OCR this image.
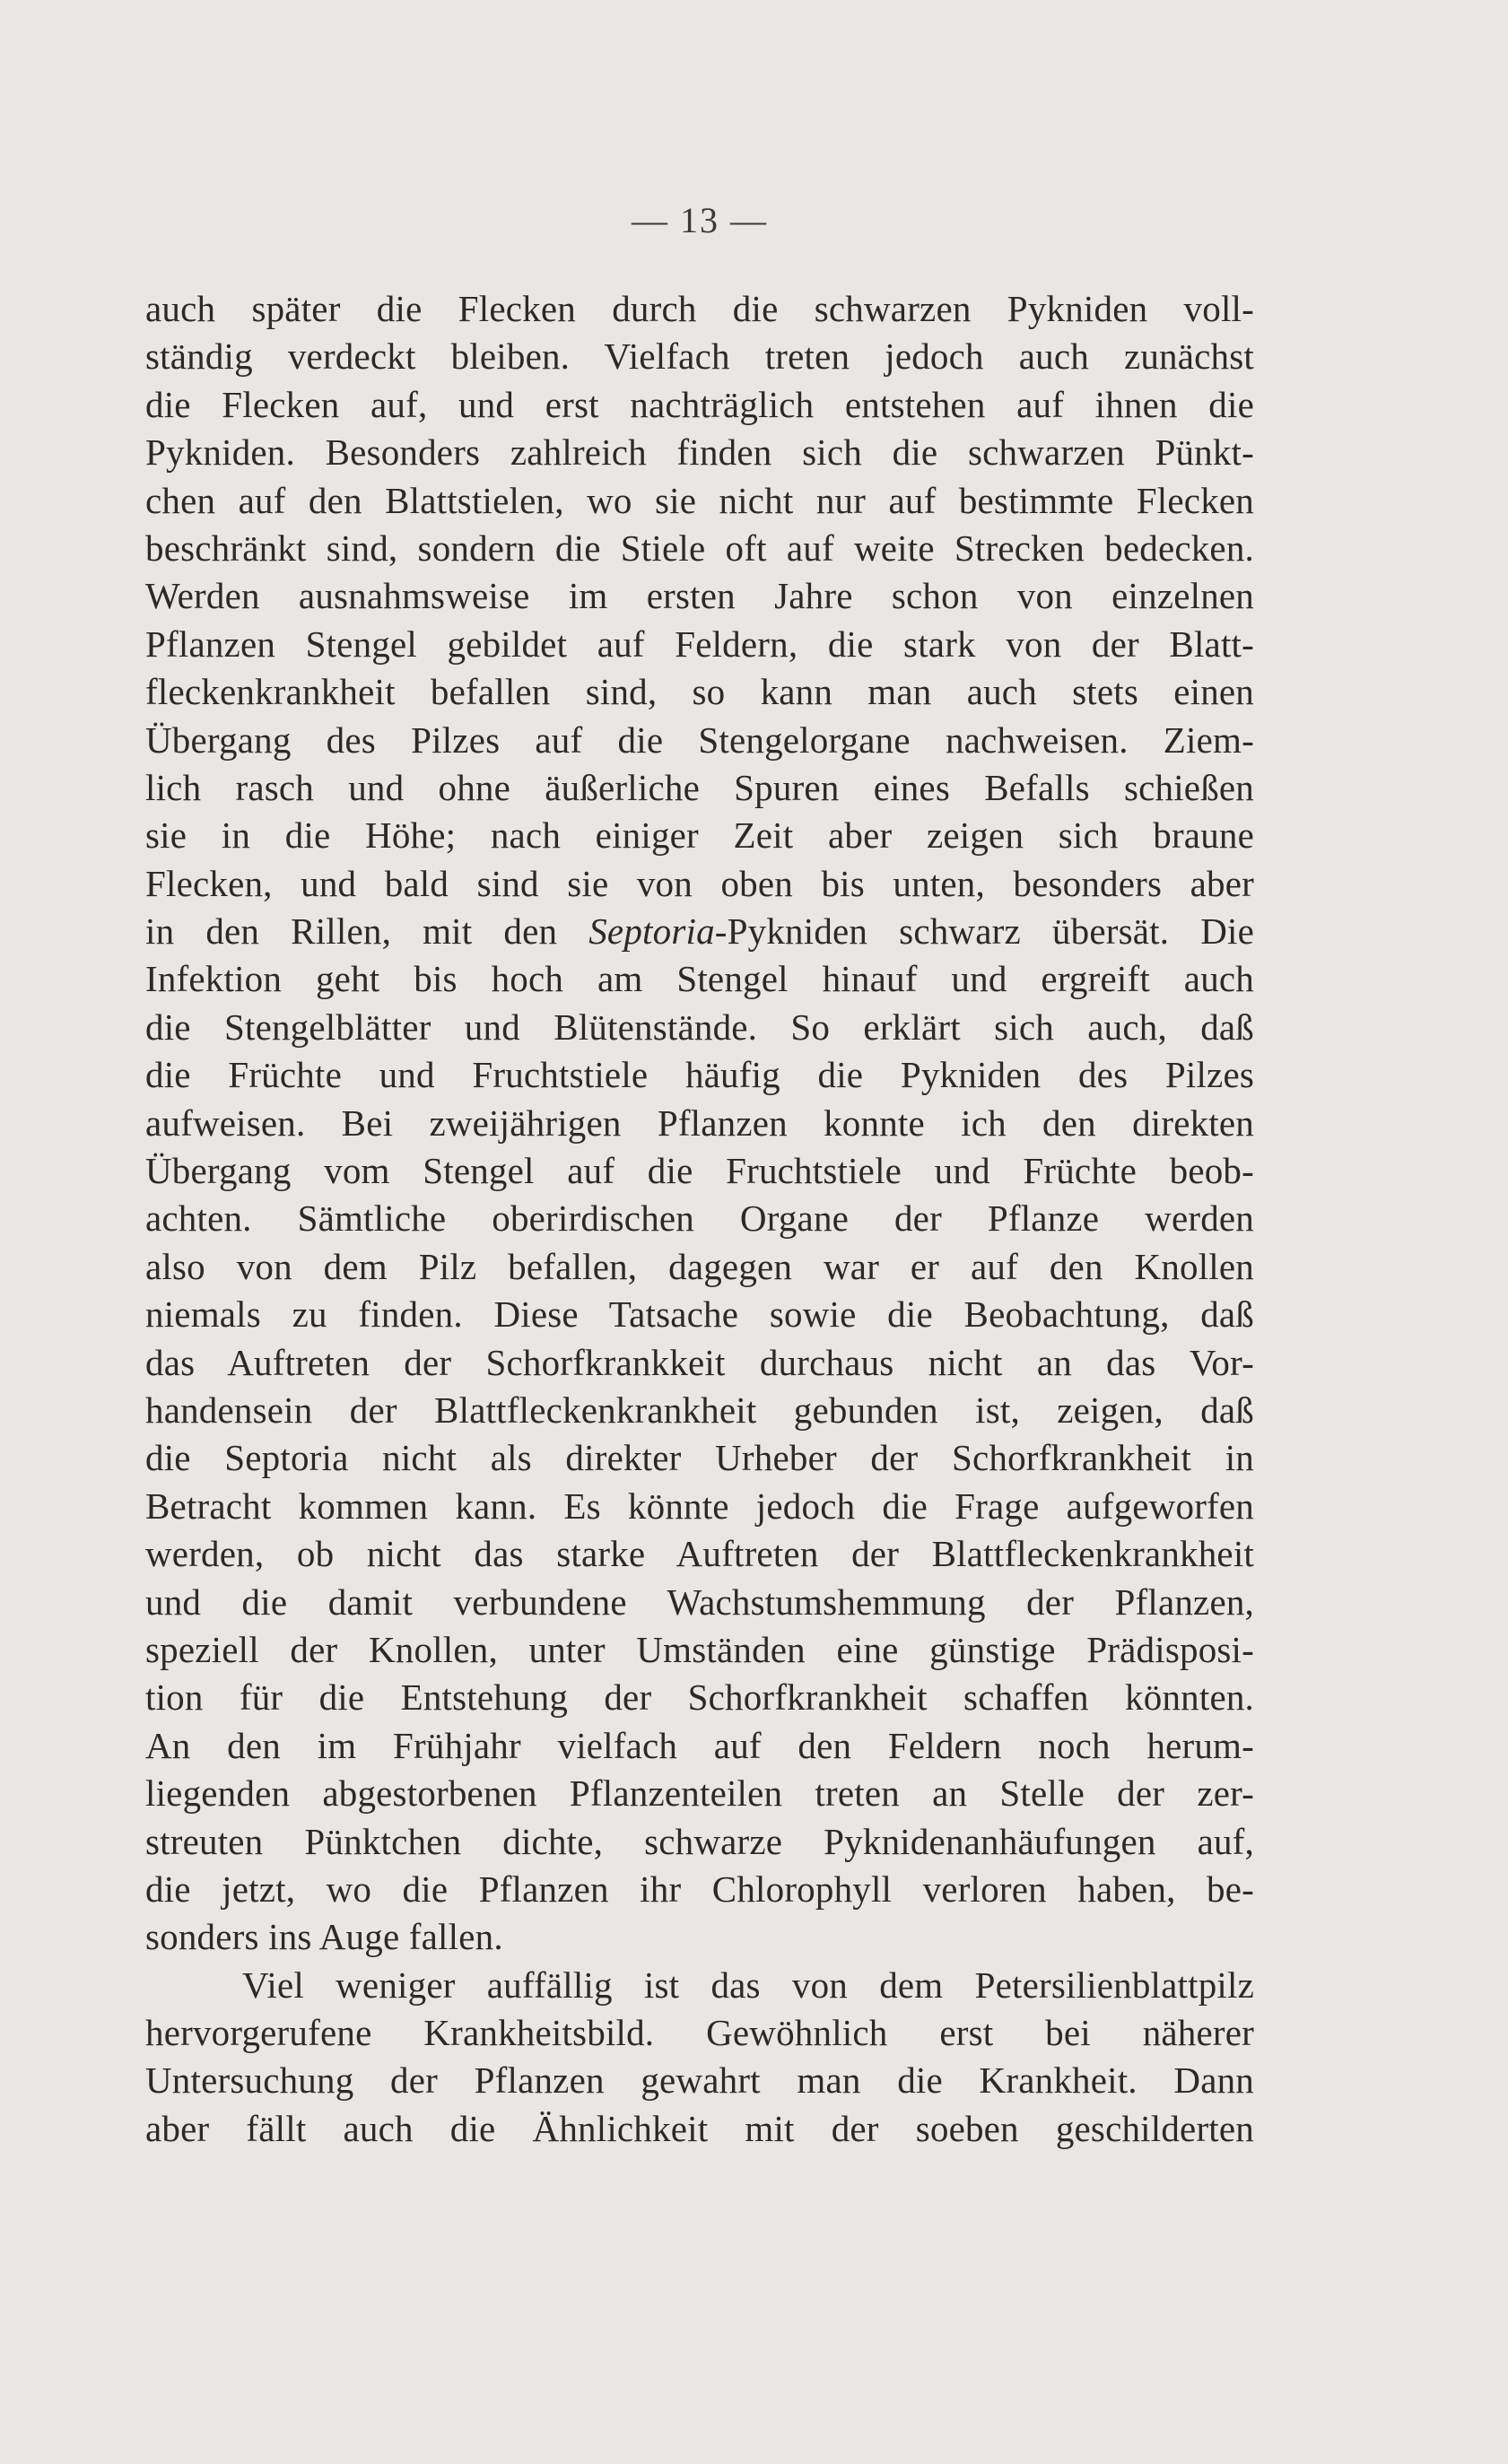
— 13 —
auch später die Flecken durch die schwarzen Pykniden voll-
ständig verdeckt bleiben. Vielfach treten jedoch auch zunächst
die Flecken auf, und erst nachträglich entstehen auf ihnen die
Pykniden. Besonders zahlreich finden sich die schwarzen Pünkt-
chen auf den Blattstielen, wo sie nicht nur auf bestimmte Flecken
beschränkt sind, sondern die Stiele oft auf weite Strecken bedecken.
Werden ausnahmsweise im ersten Jahre schon von einzelnen
Pflanzen Stengel gebildet auf Feldern, die stark von der Blatt-
fleckenkrankheit befallen sind, so kann man auch stets einen
Übergang des Pilzes auf die Stengelorgane nachweisen. Ziem-
lich rasch und ohne äußerliche Spuren eines Befalls schießen
sie in die Höhe; nach einiger Zeit aber zeigen sich braune
Flecken, und bald sind sie von oben bis unten, besonders aber
in den Rillen, mit den Septoria-Pykniden schwarz übersät. Die
Infektion geht bis hoch am Stengel hinauf und ergreift auch
die Stengelblätter und Blütenstände. So erklärt sich auch, daß
die Früchte und Fruchtstiele häufig die Pykniden des Pilzes
aufweisen. Bei zweijährigen Pflanzen konnte ich den direkten
Übergang vom Stengel auf die Fruchtstiele und Früchte beob-
achten. Sämtliche oberirdischen Organe der Pflanze werden
also von dem Pilz befallen, dagegen war er auf den Knollen
niemals zu finden. Diese Tatsache sowie die Beobachtung, daß
das Auftreten der Schorfkrankkeit durchaus nicht an das Vor-
handensein der Blattfleckenkrankheit gebunden ist, zeigen, daß
die Septoria nicht als direkter Urheber der Schorfkrankheit in
Betracht kommen kann. Es könnte jedoch die Frage aufgeworfen
werden, ob nicht das starke Auftreten der Blattfleckenkrankheit
und die damit verbundene Wachstumshemmung der Pflanzen,
speziell der Knollen, unter Umständen eine günstige Prädisposi-
tion für die Entstehung der Schorfkrankheit schaffen könnten.
An den im Frühjahr vielfach auf den Feldern noch herum-
liegenden abgestorbenen Pflanzenteilen treten an Stelle der zer-
streuten Pünktchen dichte, schwarze Pyknidenanhäufungen auf,
die jetzt, wo die Pflanzen ihr Chlorophyll verloren haben, be-
sonders ins Auge fallen.
Viel weniger auffällig ist das von dem Petersilienblattpilz
hervorgerufene Krankheitsbild. Gewöhnlich erst bei näherer
Untersuchung der Pflanzen gewahrt man die Krankheit. Dann
aber fällt auch die Ähnlichkeit mit der soeben geschilderten
